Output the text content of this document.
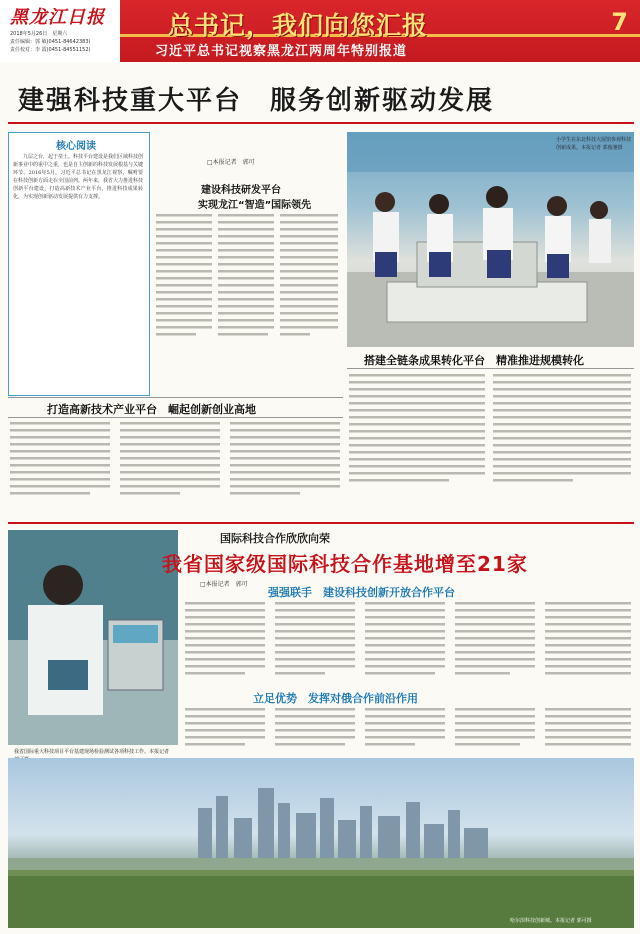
黑龙江日报
2018年5月26日　星期六
责任编辑：郭 敏(0451-84642383)
责任校对：李 霞(0451-84551152)
总书记，我们向您汇报	7
习近平总书记视察黑龙江两周年特别报道
建强科技重大平台　服务创新驱动发展
核心阅读
九层之台，起于垒土。科技平台建设是我们区域科技创新事业中的重中之重，也是自主创新的科技发展根基与关键环节。2016年5月，习近平总书记在黑龙江视察，嘱咐要在科技创新方面走在全国前列。两年来，我省大力推进科技创新平台建设，打造高新技术产业平台，推进科技成果转化，为实现创新驱动发展提供有力支撑。
□本报记者　郭可
建设科技研发平台
实现龙江“智造”国际领先
小学生在东北科技大展馆参观科技创新成果。本报记者 郭俊驰摄
搭建全链条成果转化平台　精准推进规模转化
打造高新技术产业平台　崛起创新创业高地
我省国际重大科技项目平台基建现场检验测试各项科技工作。本报记者
国际科技合作欣欣向荣
我省国家级国际科技合作基地增至21家
□本报记者　郭可
强强联手　建设科技创新开放合作平台
立足优势　发挥对俄合作前沿作用
哈尔滨科技创新城。本报记者 郭可摄
